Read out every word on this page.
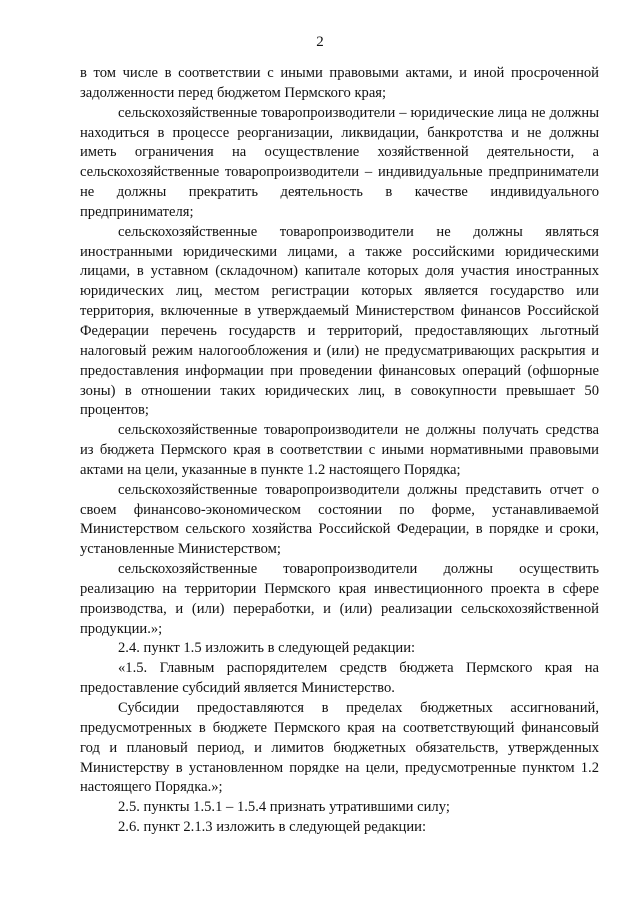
2

в том числе в соответствии с иными правовыми актами, и иной просроченной задолженности перед бюджетом Пермского края;

сельскохозяйственные товаропроизводители – юридические лица не должны находиться в процессе реорганизации, ликвидации, банкротства и не должны иметь ограничения на осуществление хозяйственной деятельности, а сельскохозяйственные товаропроизводители – индивидуальные предприниматели не должны прекратить деятельность в качестве индивидуального предпринимателя;

сельскохозяйственные товаропроизводители не должны являться иностранными юридическими лицами, а также российскими юридическими лицами, в уставном (складочном) капитале которых доля участия иностранных юридических лиц, местом регистрации которых является государство или территория, включенные в утверждаемый Министерством финансов Российской Федерации перечень государств и территорий, предоставляющих льготный налоговый режим налогообложения и (или) не предусматривающих раскрытия и предоставления информации при проведении финансовых операций (офшорные зоны) в отношении таких юридических лиц, в совокупности превышает 50 процентов;

сельскохозяйственные товаропроизводители не должны получать средства из бюджета Пермского края в соответствии с иными нормативными правовыми актами на цели, указанные в пункте 1.2 настоящего Порядка;

сельскохозяйственные товаропроизводители должны представить отчет о своем финансово-экономическом состоянии по форме, устанавливаемой Министерством сельского хозяйства Российской Федерации, в порядке и сроки, установленные Министерством;

сельскохозяйственные товаропроизводители должны осуществить реализацию на территории Пермского края инвестиционного проекта в сфере производства, и (или) переработки, и (или) реализации сельскохозяйственной продукции.»;

2.4. пункт 1.5 изложить в следующей редакции:

«1.5. Главным распорядителем средств бюджета Пермского края на предоставление субсидий является Министерство.

Субсидии предоставляются в пределах бюджетных ассигнований, предусмотренных в бюджете Пермского края на соответствующий финансовый год и плановый период, и лимитов бюджетных обязательств, утвержденных Министерству в установленном порядке на цели, предусмотренные пунктом 1.2 настоящего Порядка.»;

2.5. пункты 1.5.1 – 1.5.4 признать утратившими силу;

2.6. пункт 2.1.3 изложить в следующей редакции:
